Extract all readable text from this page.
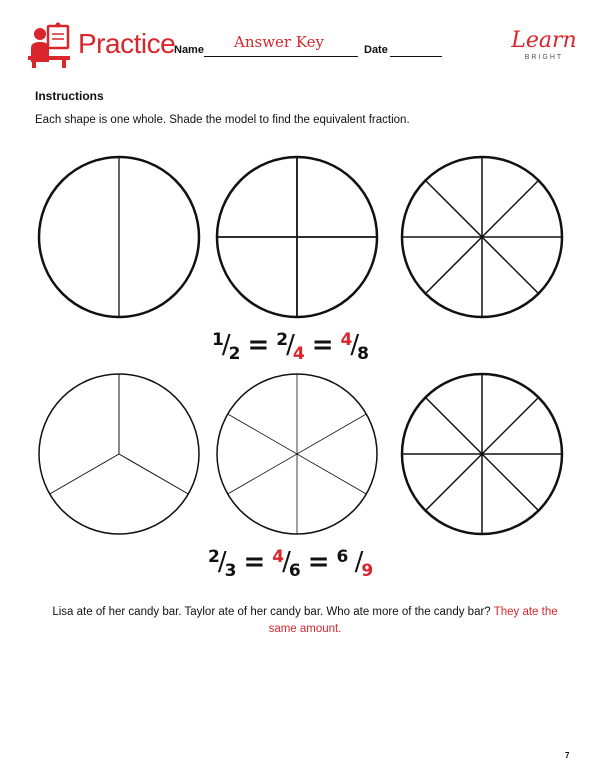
Practice
Name Answer Key	Date	Learn
BRIGHT
Instructions
Each shape is one whole. Shade the model to find the equivalent fraction.
$^1/_2 = ^2/_4 = ^4/_8$
$^2/_3 = ^4/_6 = ^6$ $/_9$
Lisa ate of her candy bar. Taylor ate of her candy bar. Who ate more of the candy bar? They ate the same amount.
7
